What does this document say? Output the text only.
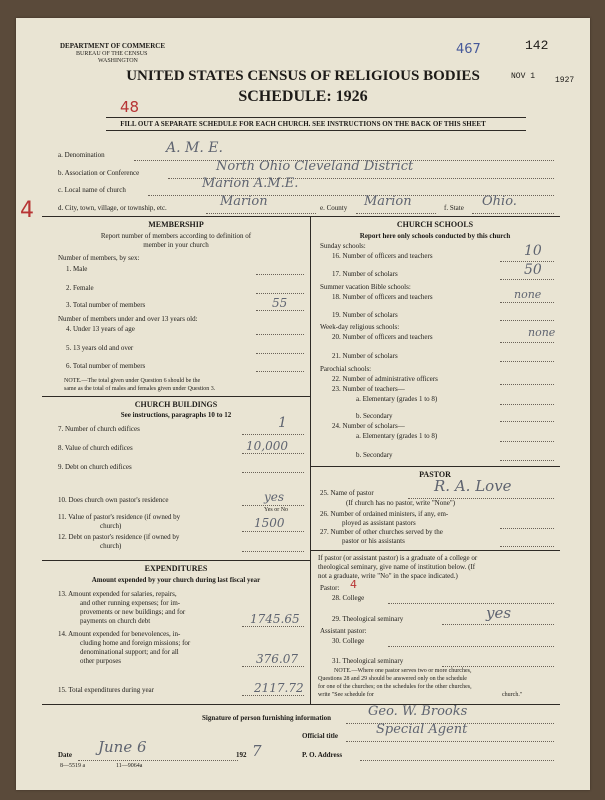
DEPARTMENT OF COMMERCE
BUREAU OF THE CENSUS
WASHINGTON
467	142
UNITED STATES CENSUS OF RELIGIOUS BODIES	NOV 1 1927
SCHEDULE: 1926
48
FILL OUT A SEPARATE SCHEDULE FOR EACH CHURCH. SEE INSTRUCTIONS ON THE BACK OF THIS SHEET
a. Denomination	A. M. E.
b. Association or Conference	North Ohio Cleveland District
c. Local name of church	Marion A.M.E.
4	d. City, town, village, or township, etc.	Marion	e. County Marion	f. State Ohio.
MEMBERSHIP
Report number of members according to definition of
member in your church
Number of members, by sex:
1. Male
2. Female
3. Total number of members	55
Number of members under and over 13 years old:
4. Under 13 years of age
5. 13 years old and over
6. Total number of members
NOTE.—The total given under Question 6 should be the
same as the total of males and females given under Question 3.
CHURCH BUILDINGS
See instructions, paragraphs 10 to 12
7. Number of church edifices	1
8. Value of church edifices	10,000
9. Debt on church edifices
10. Does church own pastor's residence	yes
Yes or No
11. Value of pastor's residence (if owned by
church)	1500
12. Debt on pastor's residence (if owned by
church)
EXPENDITURES
Amount expended by your church during last fiscal year
13. Amount expended for salaries, repairs,
and other running expenses; for im-
provements or new buildings; and for
payments on church debt	1745.65
14. Amount expended for benevolences, in-
cluding home and foreign missions; for
denominational support; and for all
other purposes	376.07
15. Total expenditures during year	2117.72
CHURCH SCHOOLS
Report here only schools conducted by this church
Sunday schools:
16. Number of officers and teachers	10
17. Number of scholars	50
Summer vacation Bible schools:
18. Number of officers and teachers	none
19. Number of scholars
Week-day religious schools:
20. Number of officers and teachers	none
21. Number of scholars
Parochial schools:
22. Number of administrative officers
23. Number of teachers—
a. Elementary (grades 1 to 8)
b. Secondary
24. Number of scholars—
a. Elementary (grades 1 to 8)
b. Secondary
PASTOR
25. Name of pastor	R. A. Love
(If church has no pastor, write "None")
26. Number of ordained ministers, if any, em-
ployed as assistant pastors
27. Number of other churches served by the
pastor or his assistants
If pastor (or assistant pastor) is a graduate of a college or
theological seminary, give name of institution below. (If
not a graduate, write "No" in the space indicated.)
Pastor: 4
28. College
29. Theological seminary	yes
Assistant pastor:
30. College
31. Theological seminary
NOTE.—Where one pastor serves two or more churches,
Questions 28 and 29 should be answered only on the schedule
for one of the churches; on the schedules for the other churches,
write "See schedule for	church."
Signature of person furnishing information	Geo. W. Brooks
Official title	Special Agent
Date June 6	192 7	P. O. Address
8—5519 a	11—9064a
